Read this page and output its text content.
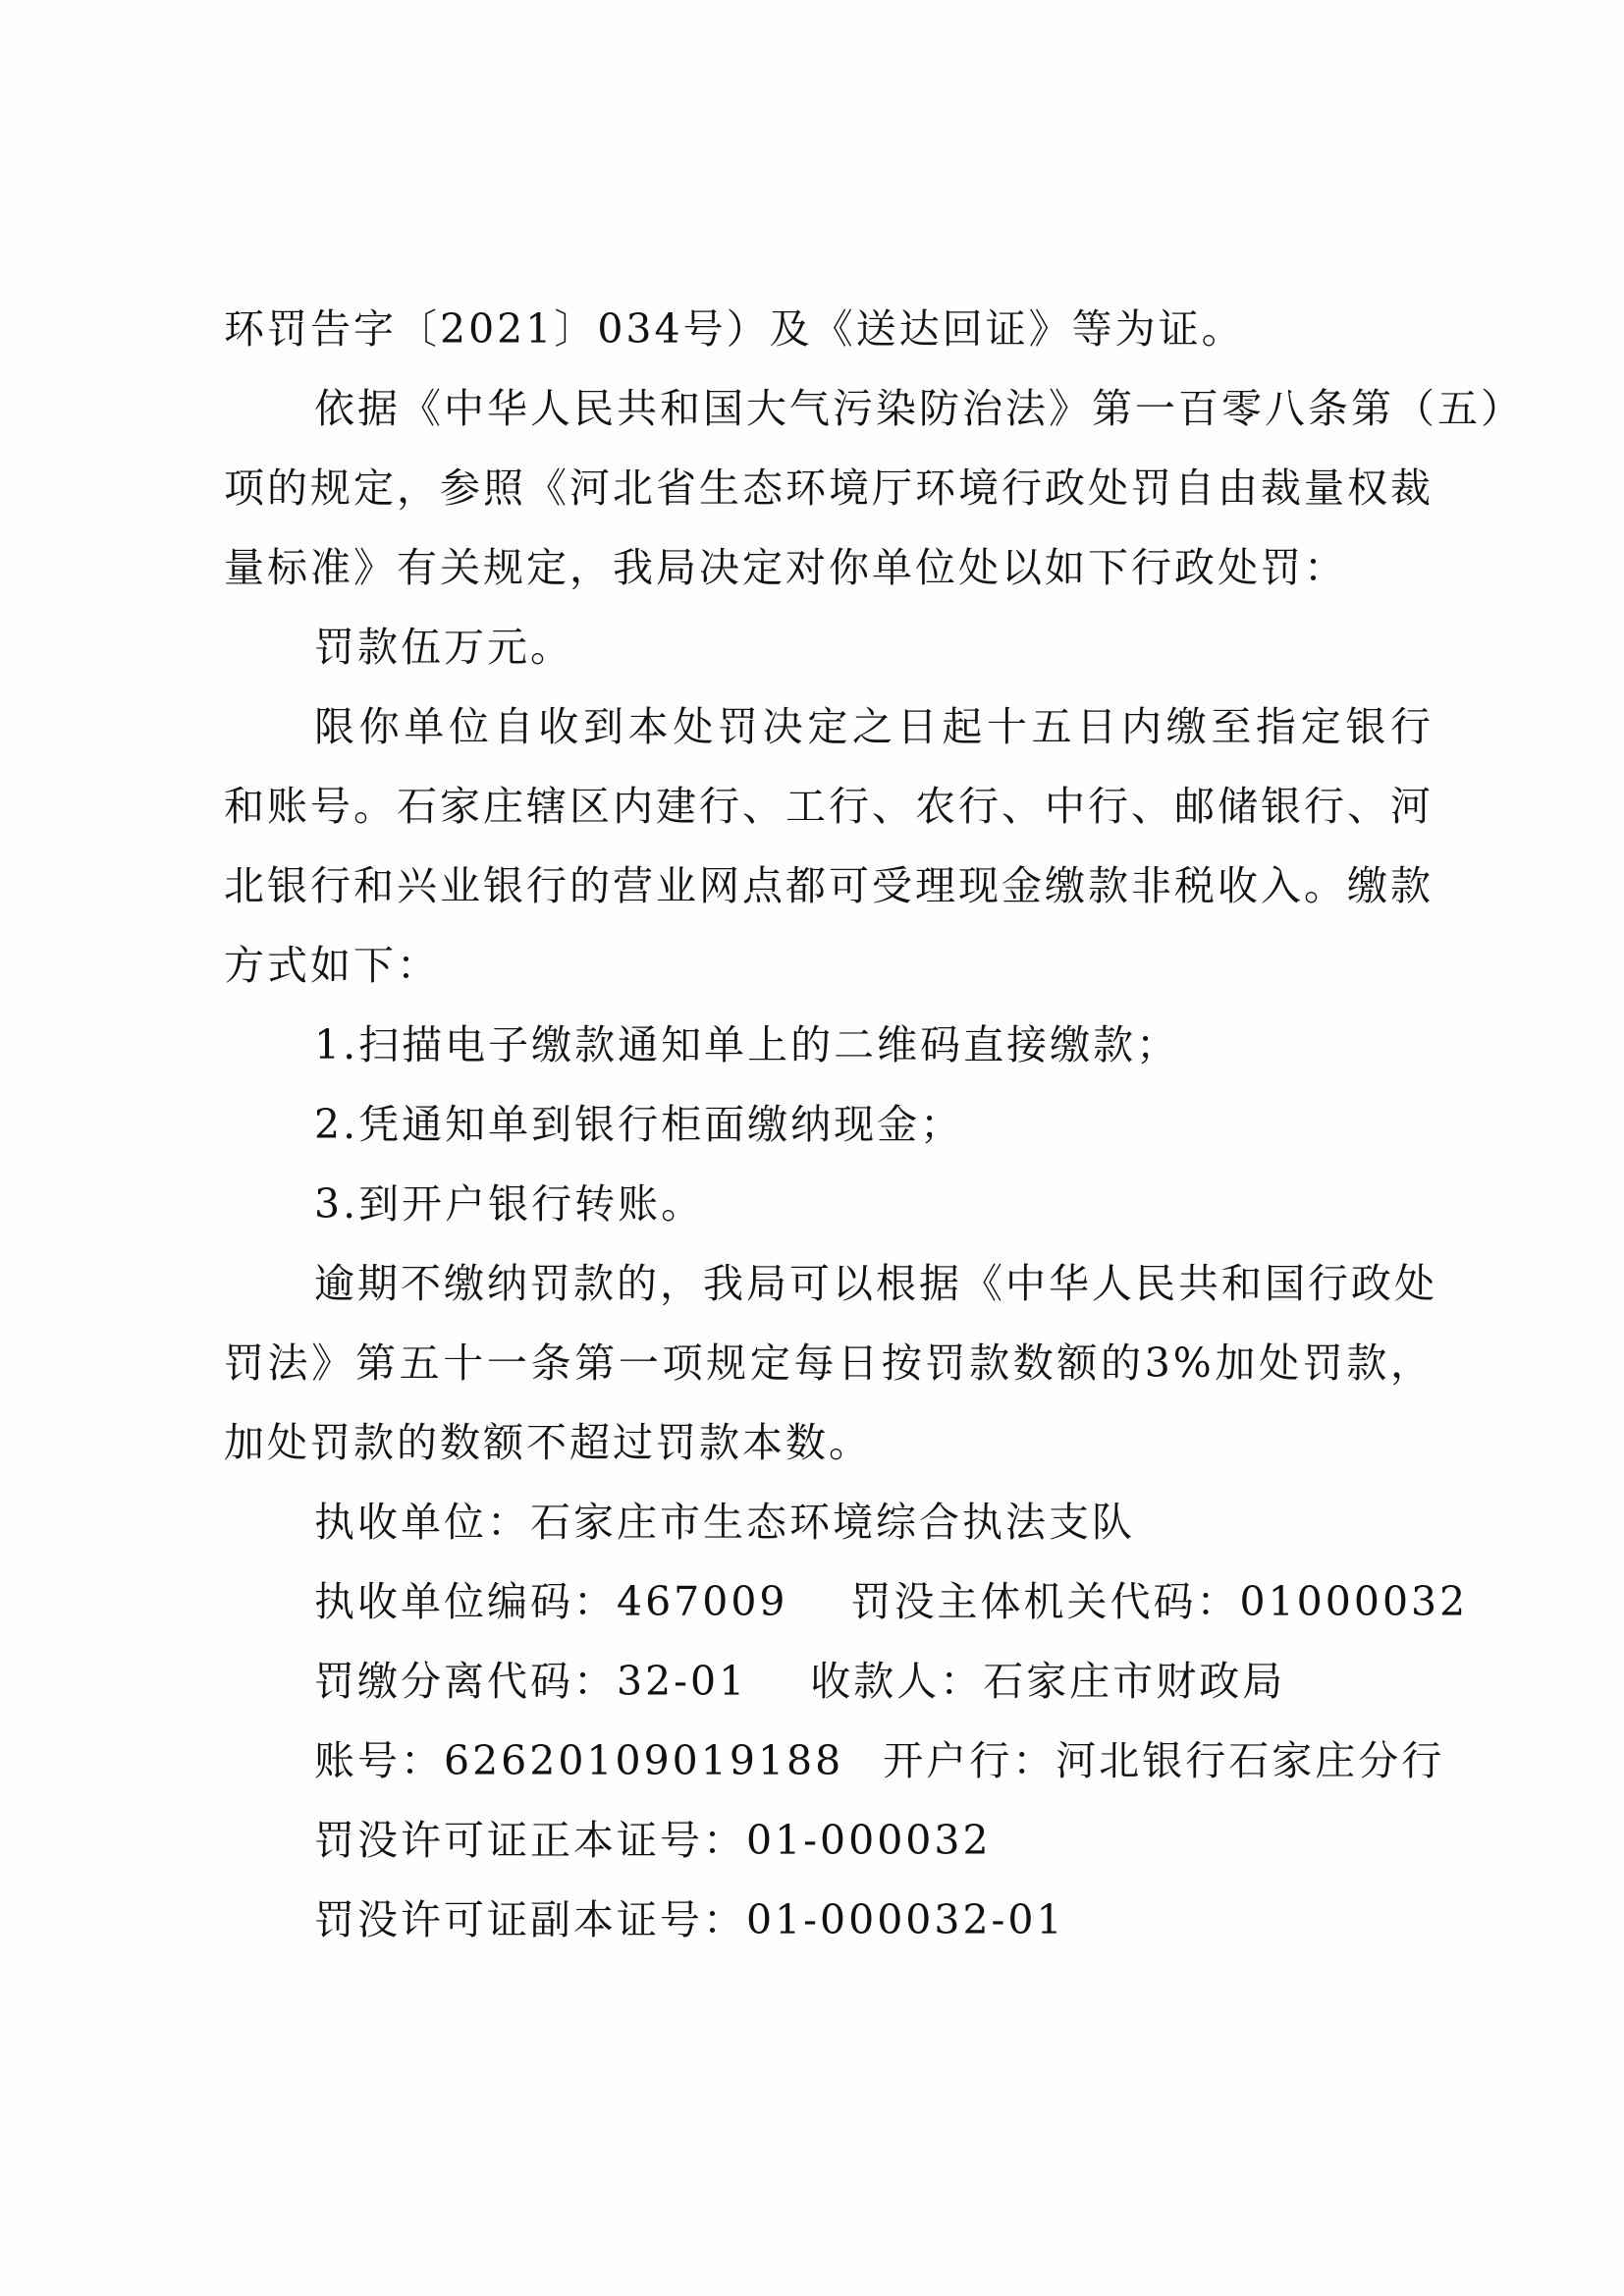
环罚告字〔2021〕034号）及《送达回证》等为证。
依据《中华人民共和国大气污染防治法》第一百零八条第（五）
项的规定，参照《河北省生态环境厅环境行政处罚自由裁量权裁
量标准》有关规定，我局决定对你单位处以如下行政处罚：
罚款伍万元。
限你单位自收到本处罚决定之日起十五日内缴至指定银行
和账号。石家庄辖区内建行、工行、农行、中行、邮储银行、河
北银行和兴业银行的营业网点都可受理现金缴款非税收入。缴款
方式如下：
1.扫描电子缴款通知单上的二维码直接缴款；
2.凭通知单到银行柜面缴纳现金；
3.到开户银行转账。
逾期不缴纳罚款的，我局可以根据《中华人民共和国行政处
罚法》第五十一条第一项规定每日按罚款数额的3%加处罚款，
加处罚款的数额不超过罚款本数。
执收单位：石家庄市生态环境综合执法支队
执收单位编码：467009 罚没主体机关代码：01000032
罚缴分离代码：32-01 收款人：石家庄市财政局
账号：62620109019188 开户行：河北银行石家庄分行
罚没许可证正本证号：01-000032
罚没许可证副本证号：01-000032-01
